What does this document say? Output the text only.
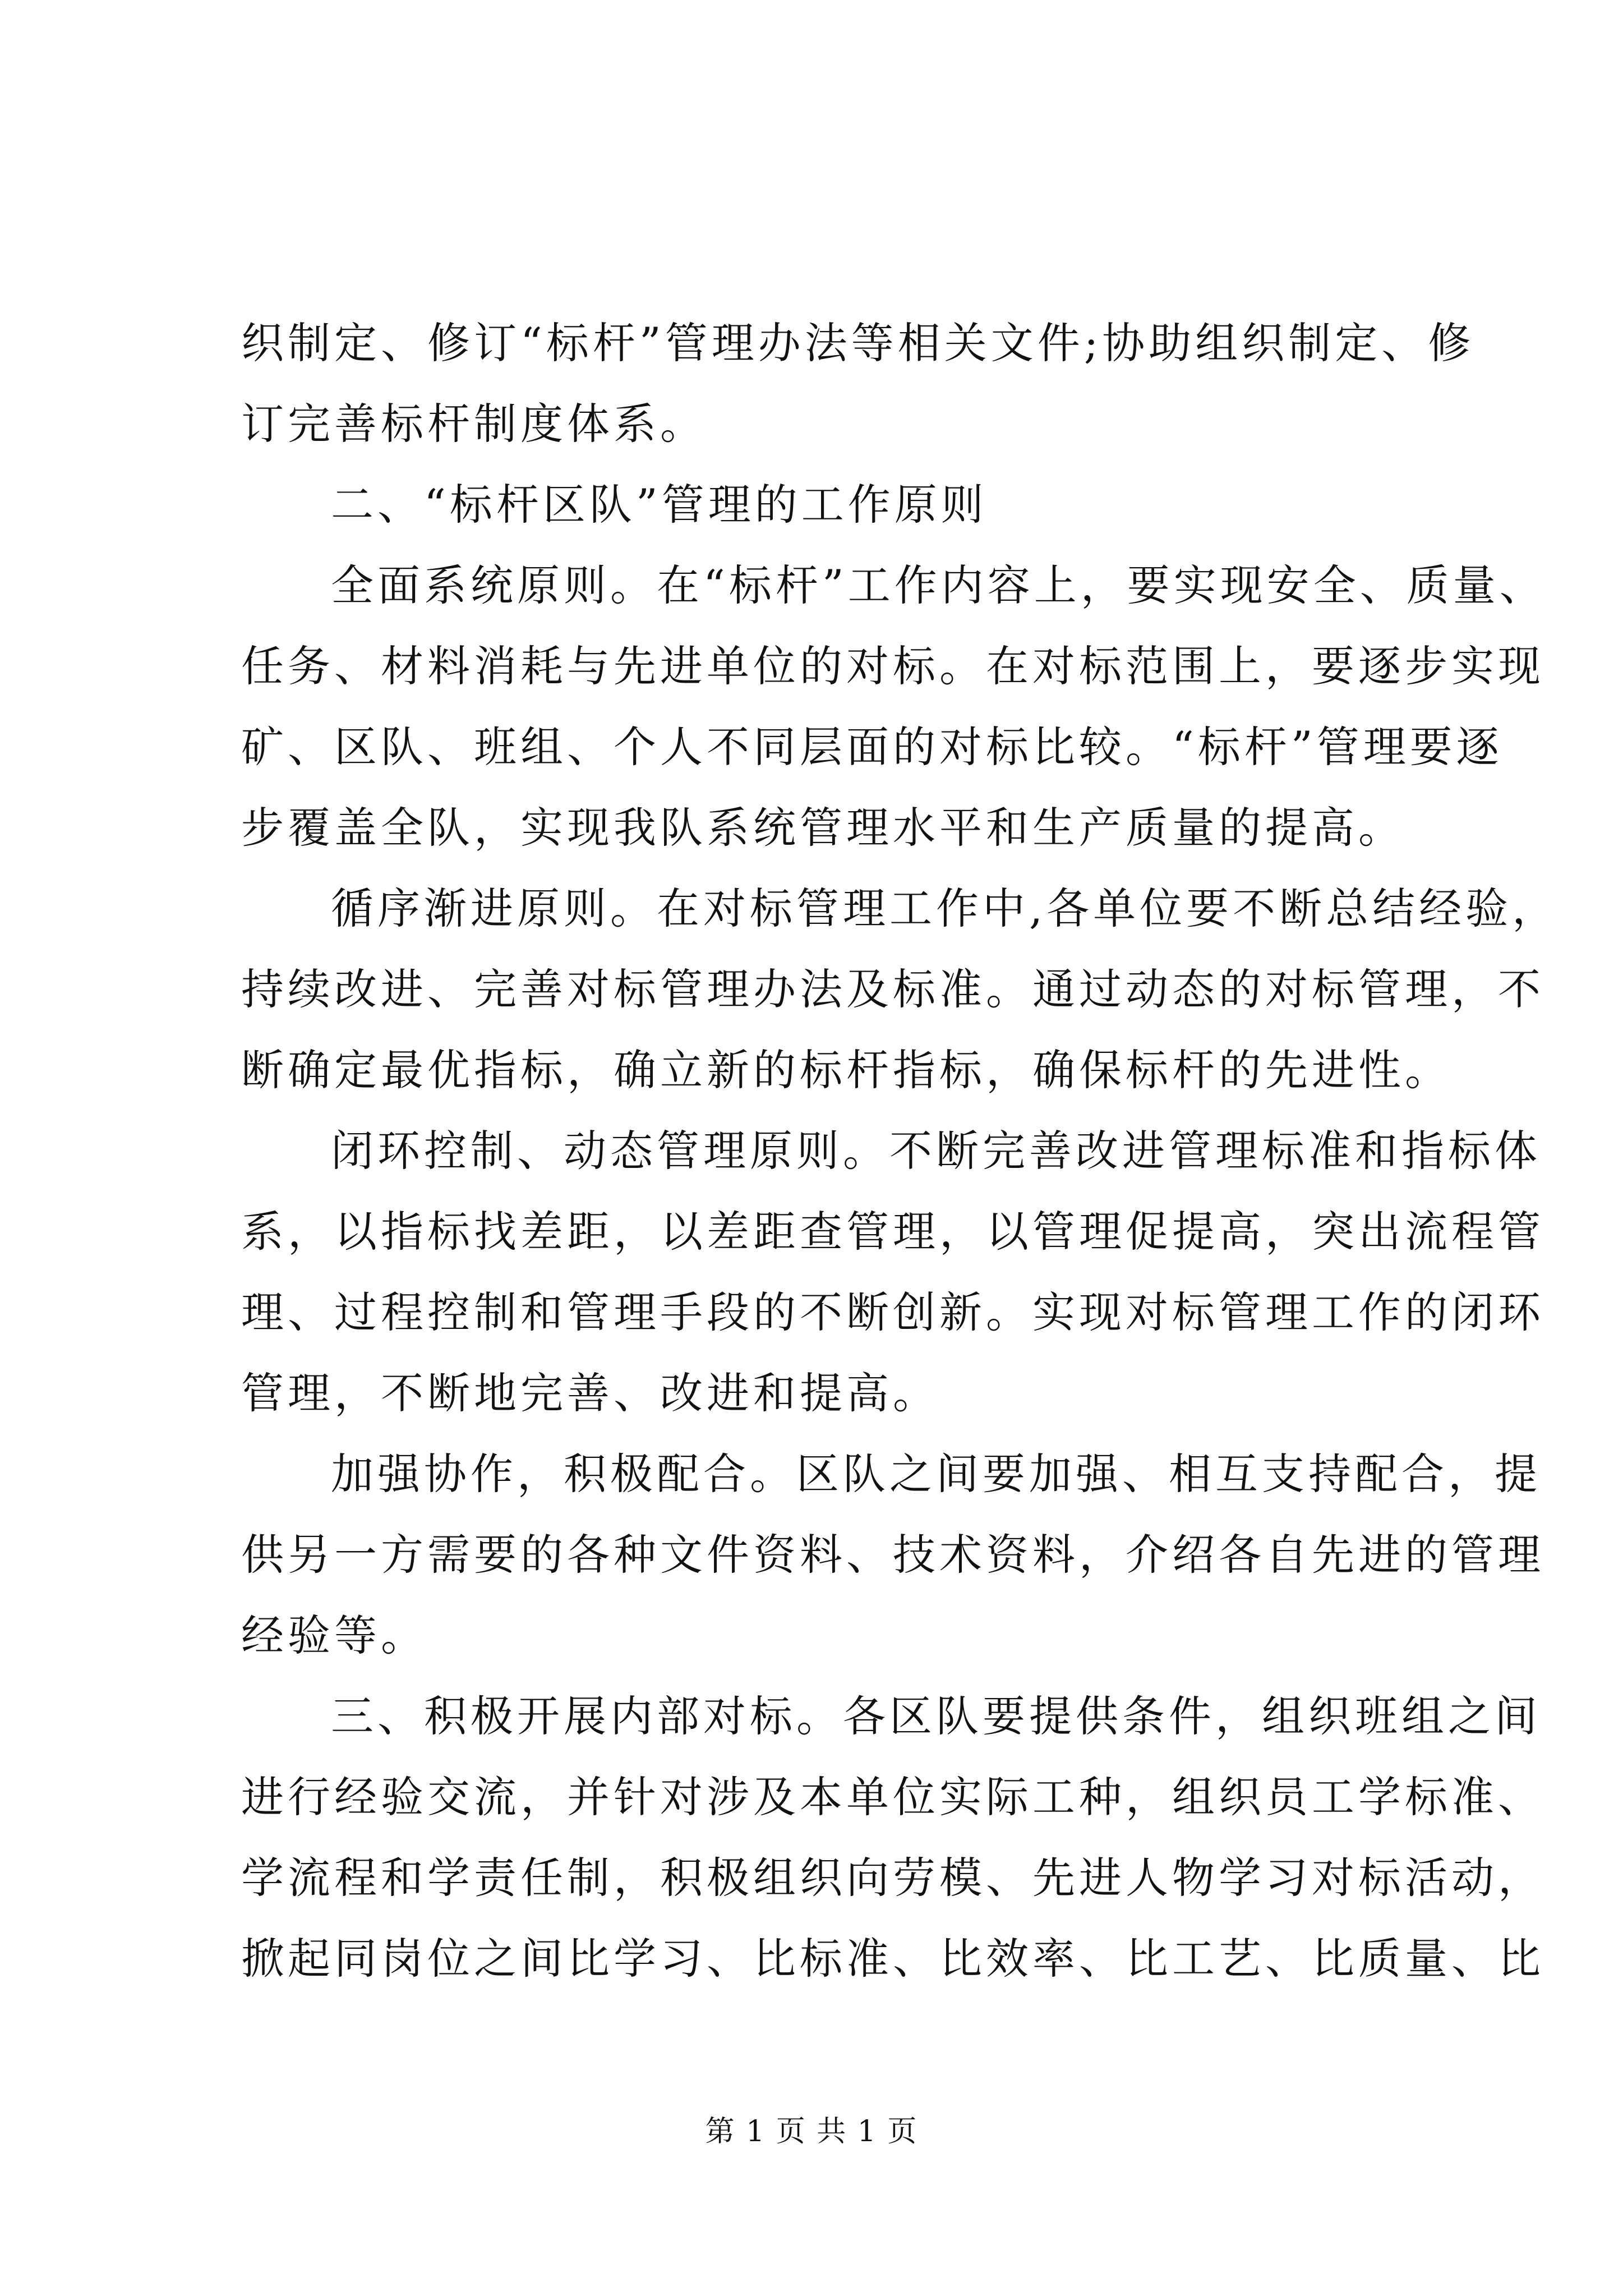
织制定、修订“标杆”管理办法等相关文件;协助组织制定、修
订完善标杆制度体系。
二、“标杆区队”管理的工作原则
全面系统原则。在“标杆”工作内容上，要实现安全、质量、
任务、材料消耗与先进单位的对标。在对标范围上，要逐步实现
矿、区队、班组、个人不同层面的对标比较。“标杆”管理要逐
步覆盖全队，实现我队系统管理水平和生产质量的提高。
循序渐进原则。在对标管理工作中,各单位要不断总结经验，
持续改进、完善对标管理办法及标准。通过动态的对标管理，不
断确定最优指标，确立新的标杆指标，确保标杆的先进性。
闭环控制、动态管理原则。不断完善改进管理标准和指标体
系，以指标找差距，以差距查管理，以管理促提高，突出流程管
理、过程控制和管理手段的不断创新。实现对标管理工作的闭环
管理，不断地完善、改进和提高。
加强协作，积极配合。区队之间要加强、相互支持配合，提
供另一方需要的各种文件资料、技术资料，介绍各自先进的管理
经验等。
三、积极开展内部对标。各区队要提供条件，组织班组之间
进行经验交流，并针对涉及本单位实际工种，组织员工学标准、
学流程和学责任制，积极组织向劳模、先进人物学习对标活动，
掀起同岗位之间比学习、比标准、比效率、比工艺、比质量、比
第 1 页 共 1 页
